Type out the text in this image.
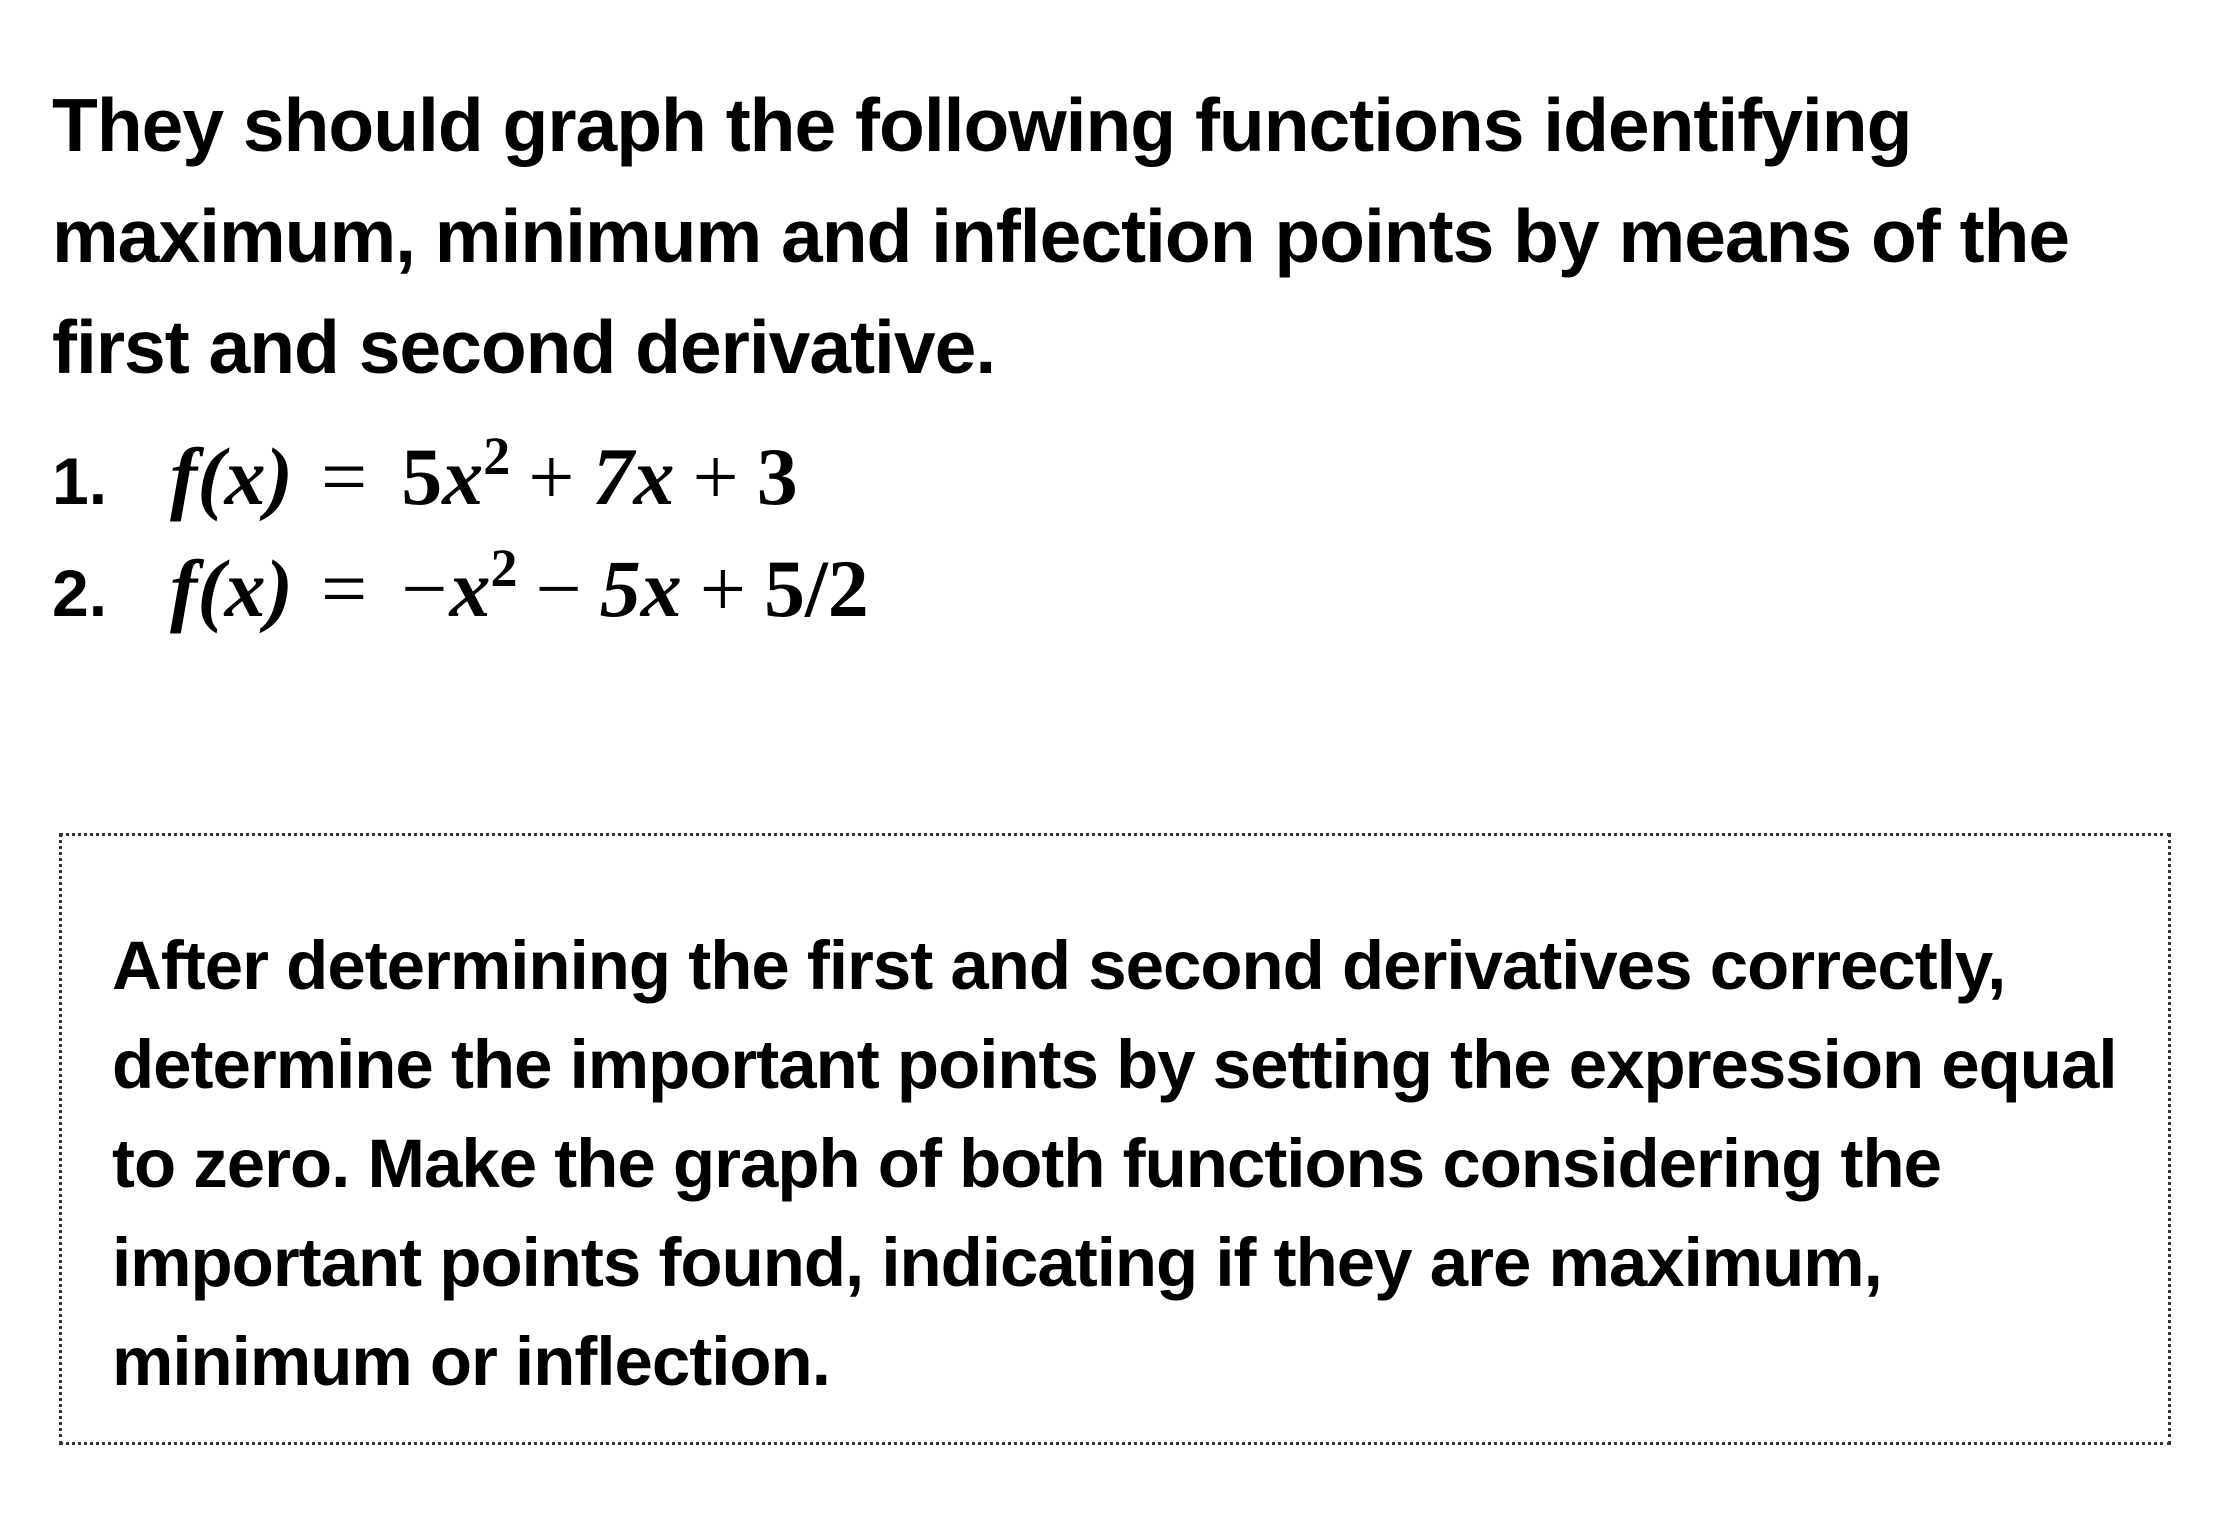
They should graph the following functions identifying maximum, minimum and inflection points by means of the first and second derivative.

1. $f(x) = 5x^2 + 7x + 3$
2. $f(x) = -x^2 - 5x + 5/2$

After determining the first and second derivatives correctly, determine the important points by setting the expression equal to zero. Make the graph of both functions considering the important points found, indicating if they are maximum, minimum or inflection.
